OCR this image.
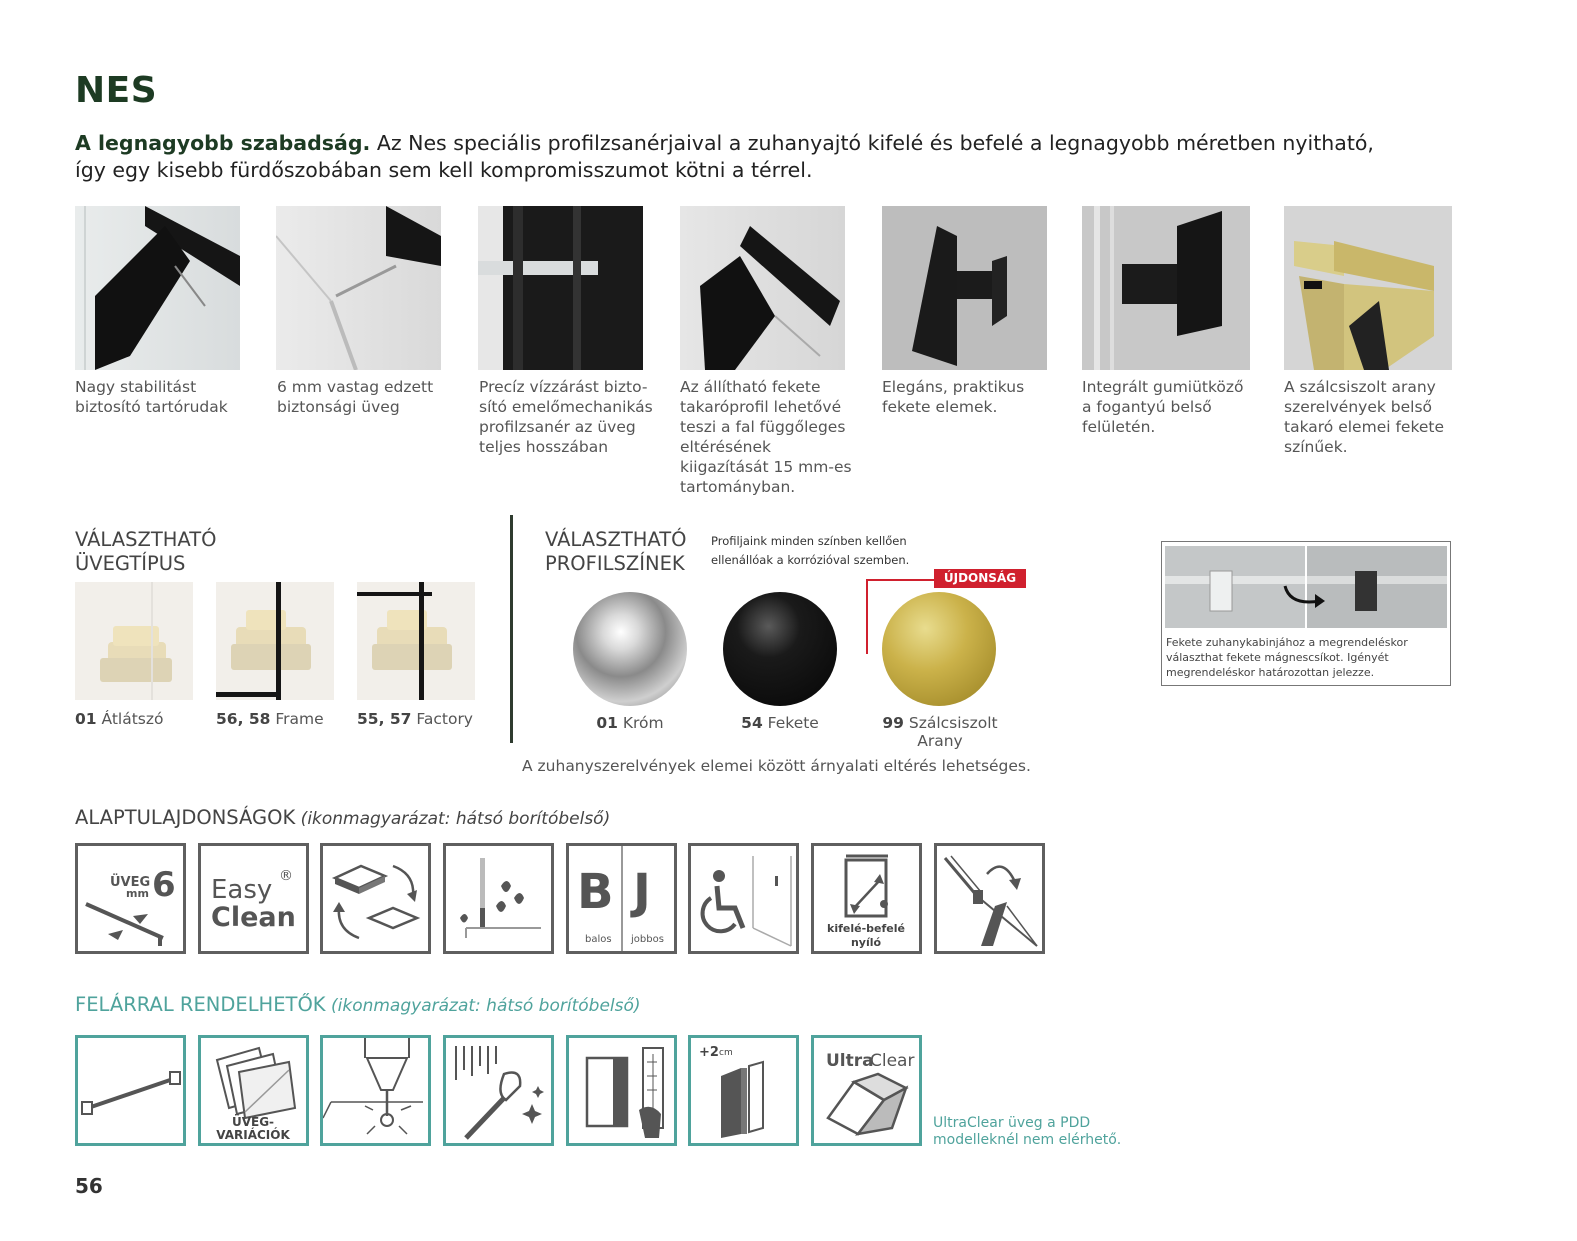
NES
A legnagyobb szabadság. Az Nes speciális profilzsanérjaival a zuhanyajtó kifelé és befelé a legnagyobb méretben nyitható, így egy kisebb fürdőszobában sem kell kompromisszumot kötni a térrel.
Nagy stabilitást
biztosító tartórudak
6 mm vastag edzett
biztonsági üveg
Precíz vízzárást bizto-
sító emelőmechanikás
profilzsanér az üveg
teljes hosszában
Az állítható fekete
takaróprofil lehetővé
teszi a fal függőleges
eltérésének
kiigazítását 15 mm-es
tartományban.
Elegáns, praktikus
fekete elemek.
Integrált gumiütköző
a fogantyú belső
felületén.
A szálcsiszolt arany
szerelvények belső
takaró elemei fekete
színűek.
VÁLASZTHATÓ
ÜVEGTÍPUS
01 Átlátszó	56, 58 Frame 55, 57 Factory
VÁLASZTHATÓ
PROFILSZÍNEK
Profiljaink minden színben kellően ellenállóak a korrózióval szemben.
ÚJDONSÁG
01 Króm	54 Fekete	99 Szálcsiszolt
Arany
A zuhanyszerelvények elemei között árnyalati eltérés lehetséges.
Fekete zuhanykabinjához a megrendeléskor választhat fekete mágnescsíkot. Igényét megrendeléskor határozottan jelezze.
ALAPTULAJDONSÁGOK (ikonmagyarázat: hátsó borítóbelső)
ÜVEG
mm 6 Easy
Clean
®	B J
balos jobbos
kifelé-befelé
nyíló
FELÁRRAL RENDELHETŐK (ikonmagyarázat: hátsó borítóbelső)
ÜVEG-
VARIÁCIÓK
+2 cm	Ultra
Clear
UltraClear üveg a PDD
modelleknél nem elérhető.
56
